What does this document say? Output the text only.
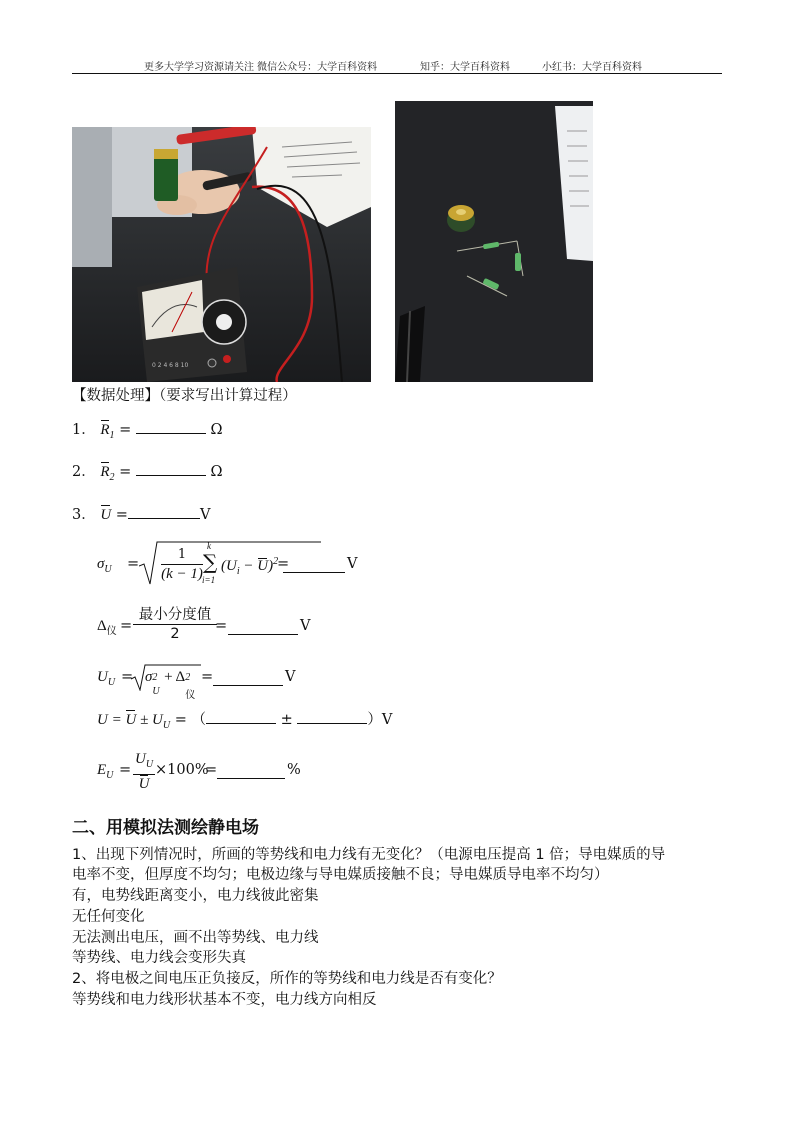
更多大学学习资源请关注 微信公众号：大学百科资料	知乎：大学百科资料	小红书：大学百科资料
0 2 4 6 8 10
【数据处理】（要求写出计算过程）
1． $R_1$ =	Ω
2． $R_2$ =	Ω
3． U =	V
$\sigma_U = \frac{1}{(k - 1)}$ k
∑
i=1
$(U_i - U)^2$
=	V
$\Delta_仪$ =
最小分度值
2	=	V
$U_U = \sigma$ 2
U
+ Δ 2
仪
=	V
$U = U \pm U_U$ = （	±	）V
$E_U = \frac{U_U}{U} \times 100\%$
=	%
二、用模拟法测绘静电场
1、出现下列情况时，所画的等势线和电力线有无变化？（电源电压提高 1 倍；导电媒质的导
电率不变，但厚度不均匀；电极边缘与导电媒质接触不良；导电媒质导电率不均匀）
有，电势线距离变小，电力线彼此密集
无任何变化
无法测出电压，画不出等势线、电力线
等势线、电力线会变形失真
2、将电极之间电压正负接反，所作的等势线和电力线是否有变化？
等势线和电力线形状基本不变，电力线方向相反
